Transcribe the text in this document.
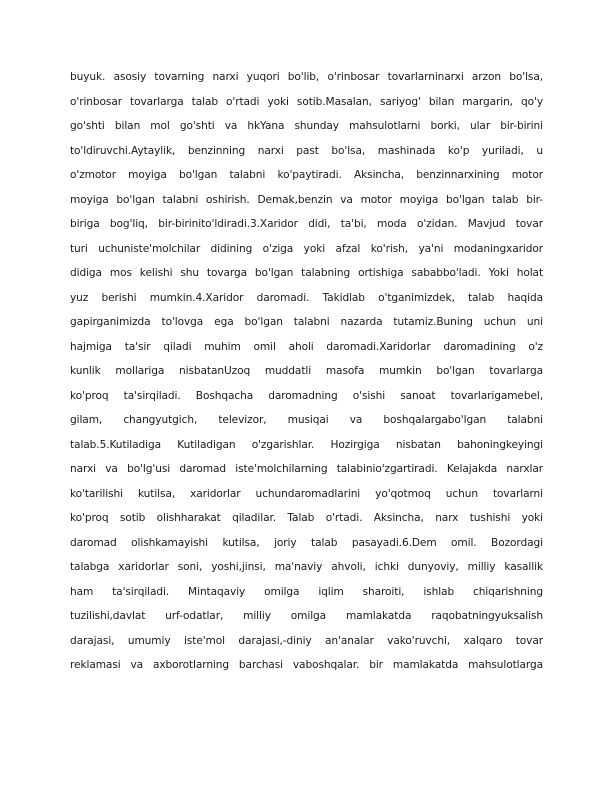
buyuk. asosiy tovarning narxi yuqori bo'lib, o'rinbosar tovarlarninarxi arzon bo'lsa,
o'rinbosar tovarlarga talab o'rtadi yoki sotib.Masalan, sariyog' bilan margarin, qo'y
go'shti bilan mol go'shti va hkYana shunday mahsulotlarni borki, ular bir-birini
to'ldiruvchi.Aytaylik, benzinning narxi past bo'lsa, mashinada ko'p yuriladi, u
o'zmotor moyiga bo'lgan talabni ko'paytiradi. Aksincha, benzinnarxining motor
moyiga bo'lgan talabni oshirish. Demak,benzin va motor moyiga bo'lgan talab bir-
biriga bog'liq, bir-birinito'ldiradi.3.Xaridor didi, ta'bi, moda o'zidan. Mavjud tovar
turi uchuniste'molchilar didining o'ziga yoki afzal ko'rish, ya'ni modaningxaridor
didiga mos kelishi shu tovarga bo'lgan talabning ortishiga sababbo'ladi. Yoki holat
yuz berishi mumkin.4.Xaridor daromadi. Takidlab o'tganimizdek, talab haqida
gapirganimizda to'lovga ega bo'lgan talabni nazarda tutamiz.Buning uchun uni
hajmiga ta'sir qiladi muhim omil aholi daromadi.Xaridorlar daromadining o'z
kunlik mollariga nisbatanUzoq muddatli masofa mumkin bo'lgan tovarlarga
ko'proq ta'sirqiladi. Boshqacha daromadning o'sishi sanoat tovarlarigamebel,
gilam, changyutgich, televizor, musiqai va boshqalargabo'lgan talabni
talab.5.Kutiladiga Kutiladigan o'zgarishlar. Hozirgiga nisbatan bahoningkeyingi
narxi va bo'lg'usi daromad iste'molchilarning talabinio'zgartiradi. Kelajakda narxlar
ko'tarilishi kutilsa, xaridorlar uchundaromadlarini yo'qotmoq uchun tovarlarni
ko'proq sotib olishharakat qiladilar. Talab o'rtadi. Aksincha, narx tushishi yoki
daromad olishkamayishi kutilsa, joriy talab pasayadi.6.Dem omil. Bozordagi
talabga xaridorlar soni, yoshi,jinsi, ma'naviy ahvoli, ichki dunyoviy, milliy kasallik
ham ta'sirqiladi. Mintaqaviy omilga iqlim sharoiti, ishlab chiqarishning
tuzilishi,davlat urf-odatlar, milliy omilga mamlakatda raqobatningyuksalish
darajasi, umumiy iste'mol darajasi,-diniy an'analar vako'ruvchi, xalqaro tovar
reklamasi va axborotlarning barchasi vaboshqalar. bir mamlakatda mahsulotlarga
